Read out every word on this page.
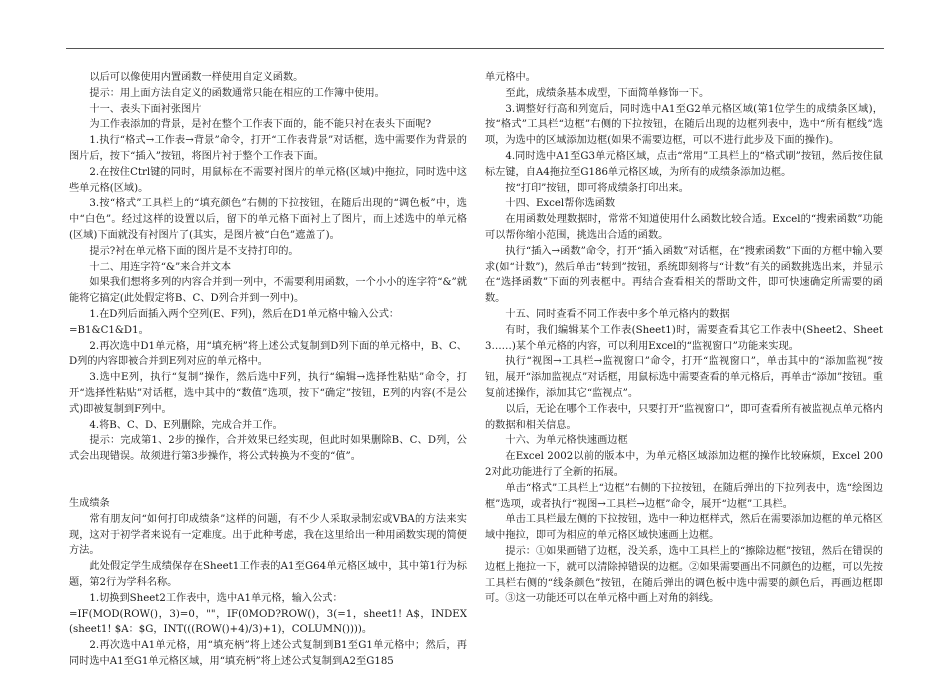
以后可以像使用内置函数一样使用自定义函数。

提示：用上面方法自定义的函数通常只能在相应的工作簿中使用。

十一、表头下面衬张图片

为工作表添加的背景，是衬在整个工作表下面的，能不能只衬在表头下面呢?

1.执行“格式→工作表→背景”命令，打开“工作表背景”对话框，选中需要作为背景的图片后，按下“插入”按钮，将图片衬于整个工作表下面。

2.在按住Ctrl键的同时，用鼠标在不需要衬图片的单元格(区域)中拖拉，同时选中这些单元格(区域)。

3.按“格式”工具栏上的“填充颜色”右侧的下拉按钮，在随后出现的“调色板”中，选中“白色”。经过这样的设置以后，留下的单元格下面衬上了图片，而上述选中的单元格(区域)下面就没有衬图片了(其实，是图片被“白色”遮盖了)。

提示?衬在单元格下面的图片是不支持打印的。

十二、用连字符“&”来合并文本

如果我们想将多列的内容合并到一列中，不需要利用函数，一个小小的连字符“&”就能将它搞定(此处假定将B、C、D列合并到一列中)。

1.在D列后面插入两个空列(E、F列)，然后在D1单元格中输入公式：

=B1&C1&D1。

2.再次选中D1单元格，用“填充柄”将上述公式复制到D列下面的单元格中，B、C、D列的内容即被合并到E列对应的单元格中。

3.选中E列，执行“复制”操作，然后选中F列，执行“编辑→选择性粘贴”命令，打开“选择性粘贴”对话框，选中其中的“数值”选项，按下“确定”按钮，E列的内容(不是公式)即被复制到F列中。

4.将B、C、D、E列删除，完成合并工作。

提示：完成第1、2步的操作，合并效果已经实现，但此时如果删除B、C、D列，公式会出现错误。故须进行第3步操作，将公式转换为不变的“值”。

生成绩条

常有朋友问“如何打印成绩条”这样的问题，有不少人采取录制宏或VBA的方法来实现，这对于初学者来说有一定难度。出于此种考虑，我在这里给出一种用函数实现的简便方法。

此处假定学生成绩保存在Sheet1工作表的A1至G64单元格区域中，其中第1行为标题，第2行为学科名称。

1.切换到Sheet2工作表中，选中A1单元格，输入公式：

=IF(MOD(ROW()，3)=0，""，IF(0MOD?ROW()，3(=1，sheet1! A$，INDEX(sheet1! $A：$G，INT(((ROW()+4)/3)+1)，COLUMN())))。

2.再次选中A1单元格，用“填充柄”将上述公式复制到B1至G1单元格中；然后，再同时选中A1至G1单元格区域，用“填充柄”将上述公式复制到A2至G185

单元格中。

至此，成绩条基本成型，下面简单修饰一下。

3.调整好行高和列宽后，同时选中A1至G2单元格区域(第1位学生的成绩条区域)，按“格式”工具栏“边框”右侧的下拉按钮，在随后出现的边框列表中，选中“所有框线”选项，为选中的区域添加边框(如果不需要边框，可以不进行此步及下面的操作)。

4.同时选中A1至G3单元格区域，点击“常用”工具栏上的“格式刷”按钮，然后按住鼠标左键，自A4拖拉至G186单元格区域，为所有的成绩条添加边框。

按“打印”按钮，即可将成绩条打印出来。

十四、Excel帮你选函数

在用函数处理数据时，常常不知道使用什么函数比较合适。Excel的“搜索函数”功能可以帮你缩小范围，挑选出合适的函数。

执行“插入→函数”命令，打开“插入函数”对话框，在“搜索函数”下面的方框中输入要求(如“计数”)，然后单击“转到”按钮，系统即刻将与“计数”有关的函数挑选出来，并显示在“选择函数”下面的列表框中。再结合查看相关的帮助文件，即可快速确定所需要的函数。

十五、同时查看不同工作表中多个单元格内的数据

有时，我们编辑某个工作表(Sheet1)时，需要查看其它工作表中(Sheet2、Sheet3……)某个单元格的内容，可以利用Excel的“监视窗口”功能来实现。

执行“视图→工具栏→监视窗口”命令，打开“监视窗口”，单击其中的“添加监视”按钮，展开“添加监视点”对话框，用鼠标选中需要查看的单元格后，再单击“添加”按钮。重复前述操作，添加其它“监视点”。

以后，无论在哪个工作表中，只要打开“监视窗口”，即可查看所有被监视点单元格内的数据和相关信息。

十六、为单元格快速画边框

在Excel 2002以前的版本中，为单元格区域添加边框的操作比较麻烦，Excel 2002对此功能进行了全新的拓展。

单击“格式”工具栏上“边框”右侧的下拉按钮，在随后弹出的下拉列表中，选“绘图边框”选项，或者执行“视图→工具栏→边框”命令，展开“边框”工具栏。

单击工具栏最左侧的下拉按钮，选中一种边框样式，然后在需要添加边框的单元格区域中拖拉，即可为相应的单元格区域快速画上边框。

提示：①如果画错了边框，没关系，选中工具栏上的“擦除边框”按钮，然后在错误的边框上拖拉一下，就可以清除掉错误的边框。②如果需要画出不同颜色的边框，可以先按工具栏右侧的“线条颜色”按钮，在随后弹出的调色板中选中需要的颜色后，再画边框即可。③这一功能还可以在单元格中画上对角的斜线。
